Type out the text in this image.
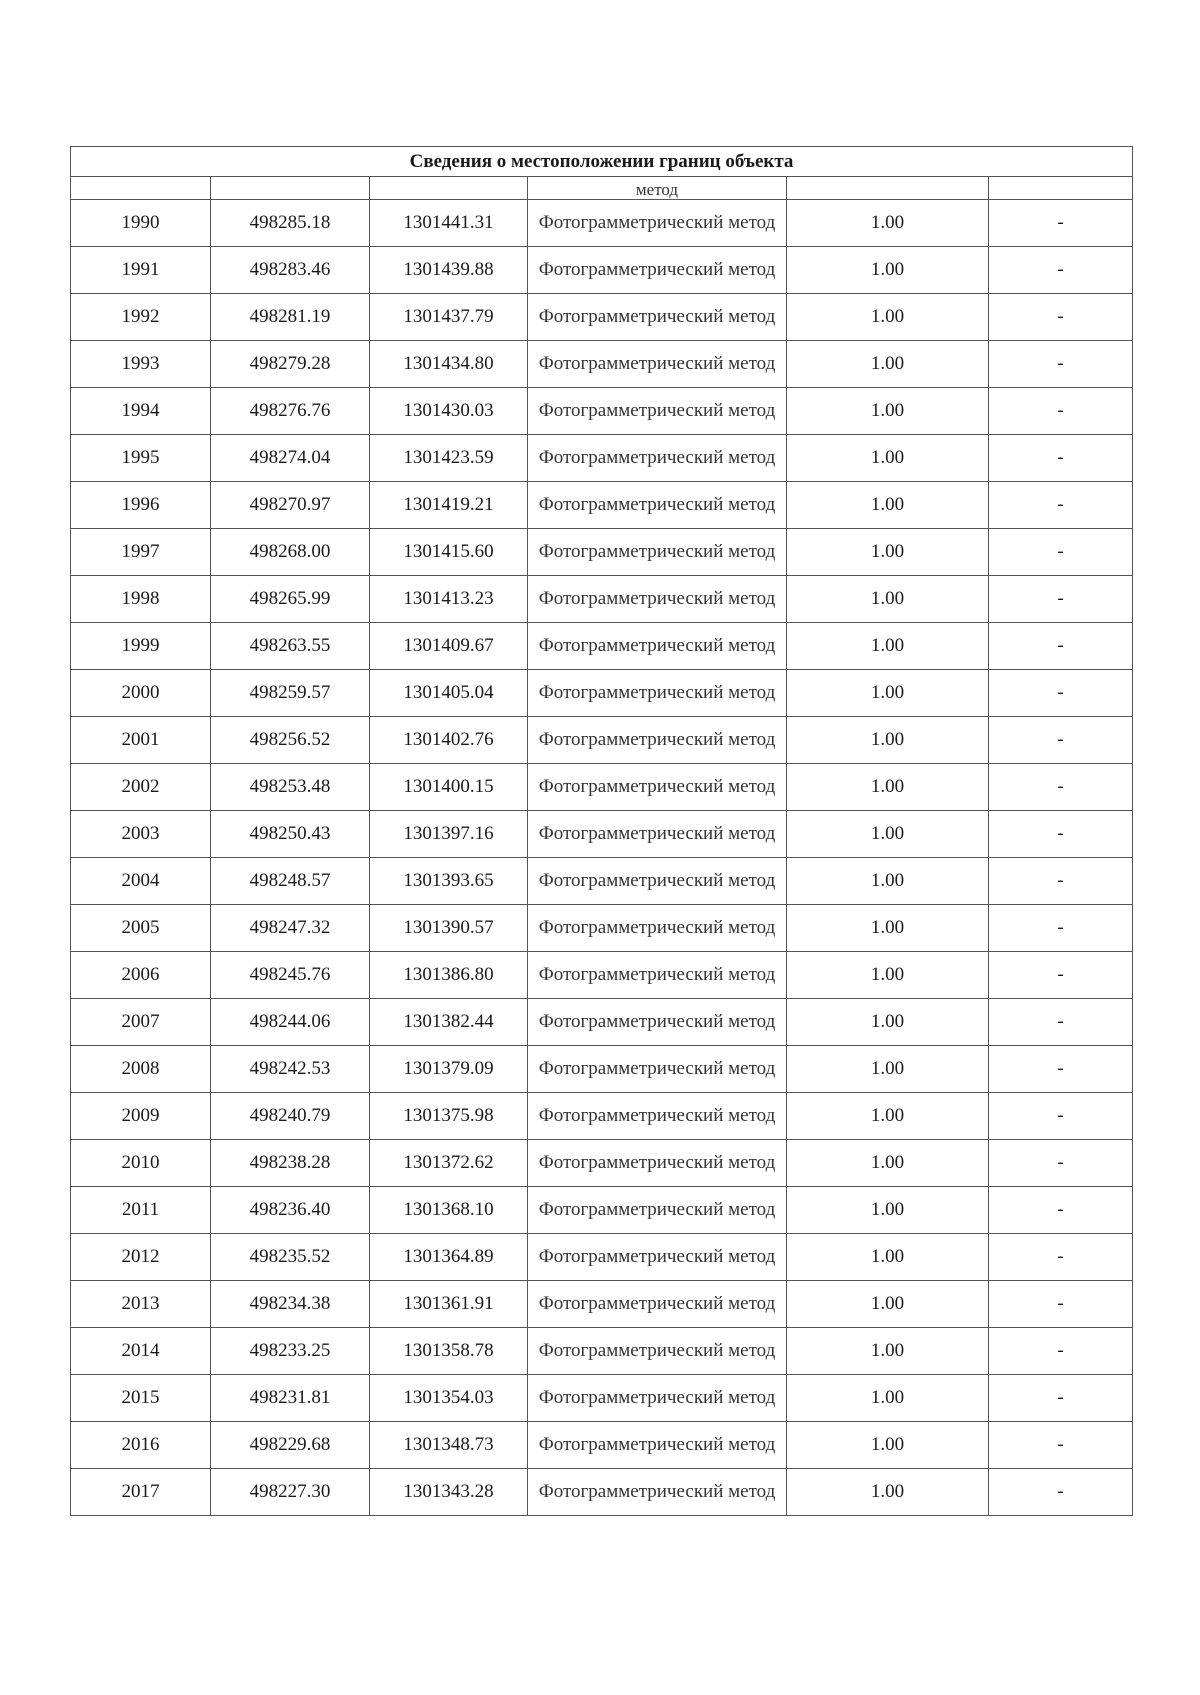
Сведения о местоположении границ объекта					

			метод		

1990	498285.18	1301441.31	Фотограмметрический метод	1.00	-
1991	498283.46	1301439.88	Фотограмметрический метод	1.00	-
1992	498281.19	1301437.79	Фотограмметрический метод	1.00	-
1993	498279.28	1301434.80	Фотограмметрический метод	1.00	-
1994	498276.76	1301430.03	Фотограмметрический метод	1.00	-
1995	498274.04	1301423.59	Фотограмметрический метод	1.00	-
1996	498270.97	1301419.21	Фотограмметрический метод	1.00	-
1997	498268.00	1301415.60	Фотограмметрический метод	1.00	-
1998	498265.99	1301413.23	Фотограмметрический метод	1.00	-
1999	498263.55	1301409.67	Фотограмметрический метод	1.00	-
2000	498259.57	1301405.04	Фотограмметрический метод	1.00	-
2001	498256.52	1301402.76	Фотограмметрический метод	1.00	-
2002	498253.48	1301400.15	Фотограмметрический метод	1.00	-
2003	498250.43	1301397.16	Фотограмметрический метод	1.00	-
2004	498248.57	1301393.65	Фотограмметрический метод	1.00	-
2005	498247.32	1301390.57	Фотограмметрический метод	1.00	-
2006	498245.76	1301386.80	Фотограмметрический метод	1.00	-
2007	498244.06	1301382.44	Фотограмметрический метод	1.00	-
2008	498242.53	1301379.09	Фотограмметрический метод	1.00	-
2009	498240.79	1301375.98	Фотограмметрический метод	1.00	-
2010	498238.28	1301372.62	Фотограмметрический метод	1.00	-
2011	498236.40	1301368.10	Фотограмметрический метод	1.00	-
2012	498235.52	1301364.89	Фотограмметрический метод	1.00	-
2013	498234.38	1301361.91	Фотограмметрический метод	1.00	-
2014	498233.25	1301358.78	Фотограмметрический метод	1.00	-
2015	498231.81	1301354.03	Фотограмметрический метод	1.00	-
2016	498229.68	1301348.73	Фотограмметрический метод	1.00	-
2017	498227.30	1301343.28	Фотограмметрический метод	1.00	-
